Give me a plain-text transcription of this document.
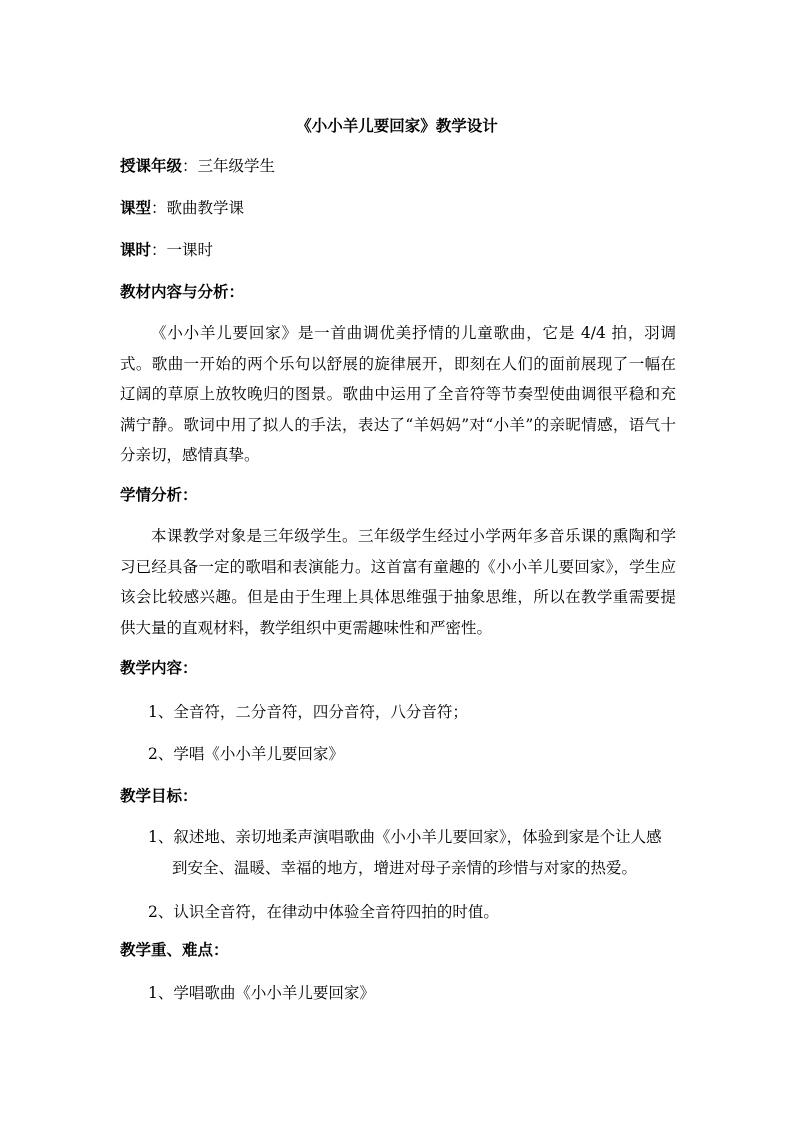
《小小羊儿要回家》教学设计
授课年级：三年级学生
课型：歌曲教学课
课时：一课时
教材内容与分析：
《小小羊儿要回家》是一首曲调优美抒情的儿童歌曲，它是 4/4 拍，羽调式。歌曲一开始的两个乐句以舒展的旋律展开，即刻在人们的面前展现了一幅在辽阔的草原上放牧晚归的图景。歌曲中运用了全音符等节奏型使曲调很平稳和充满宁静。歌词中用了拟人的手法，表达了“羊妈妈”对“小羊”的亲昵情感，语气十分亲切，感情真挚。
学情分析：
本课教学对象是三年级学生。三年级学生经过小学两年多音乐课的熏陶和学习已经具备一定的歌唱和表演能力。这首富有童趣的《小小羊儿要回家》，学生应该会比较感兴趣。但是由于生理上具体思维强于抽象思维，所以在教学重需要提供大量的直观材料，教学组织中更需趣味性和严密性。
教学内容：
1、全音符，二分音符，四分音符，八分音符；
2、学唱《小小羊儿要回家》
教学目标：
1、叙述地、亲切地柔声演唱歌曲《小小羊儿要回家》，体验到家是个让人感到安全、温暖、幸福的地方，增进对母子亲情的珍惜与对家的热爱。
2、认识全音符，在律动中体验全音符四拍的时值。
教学重、难点：
1、学唱歌曲《小小羊儿要回家》
